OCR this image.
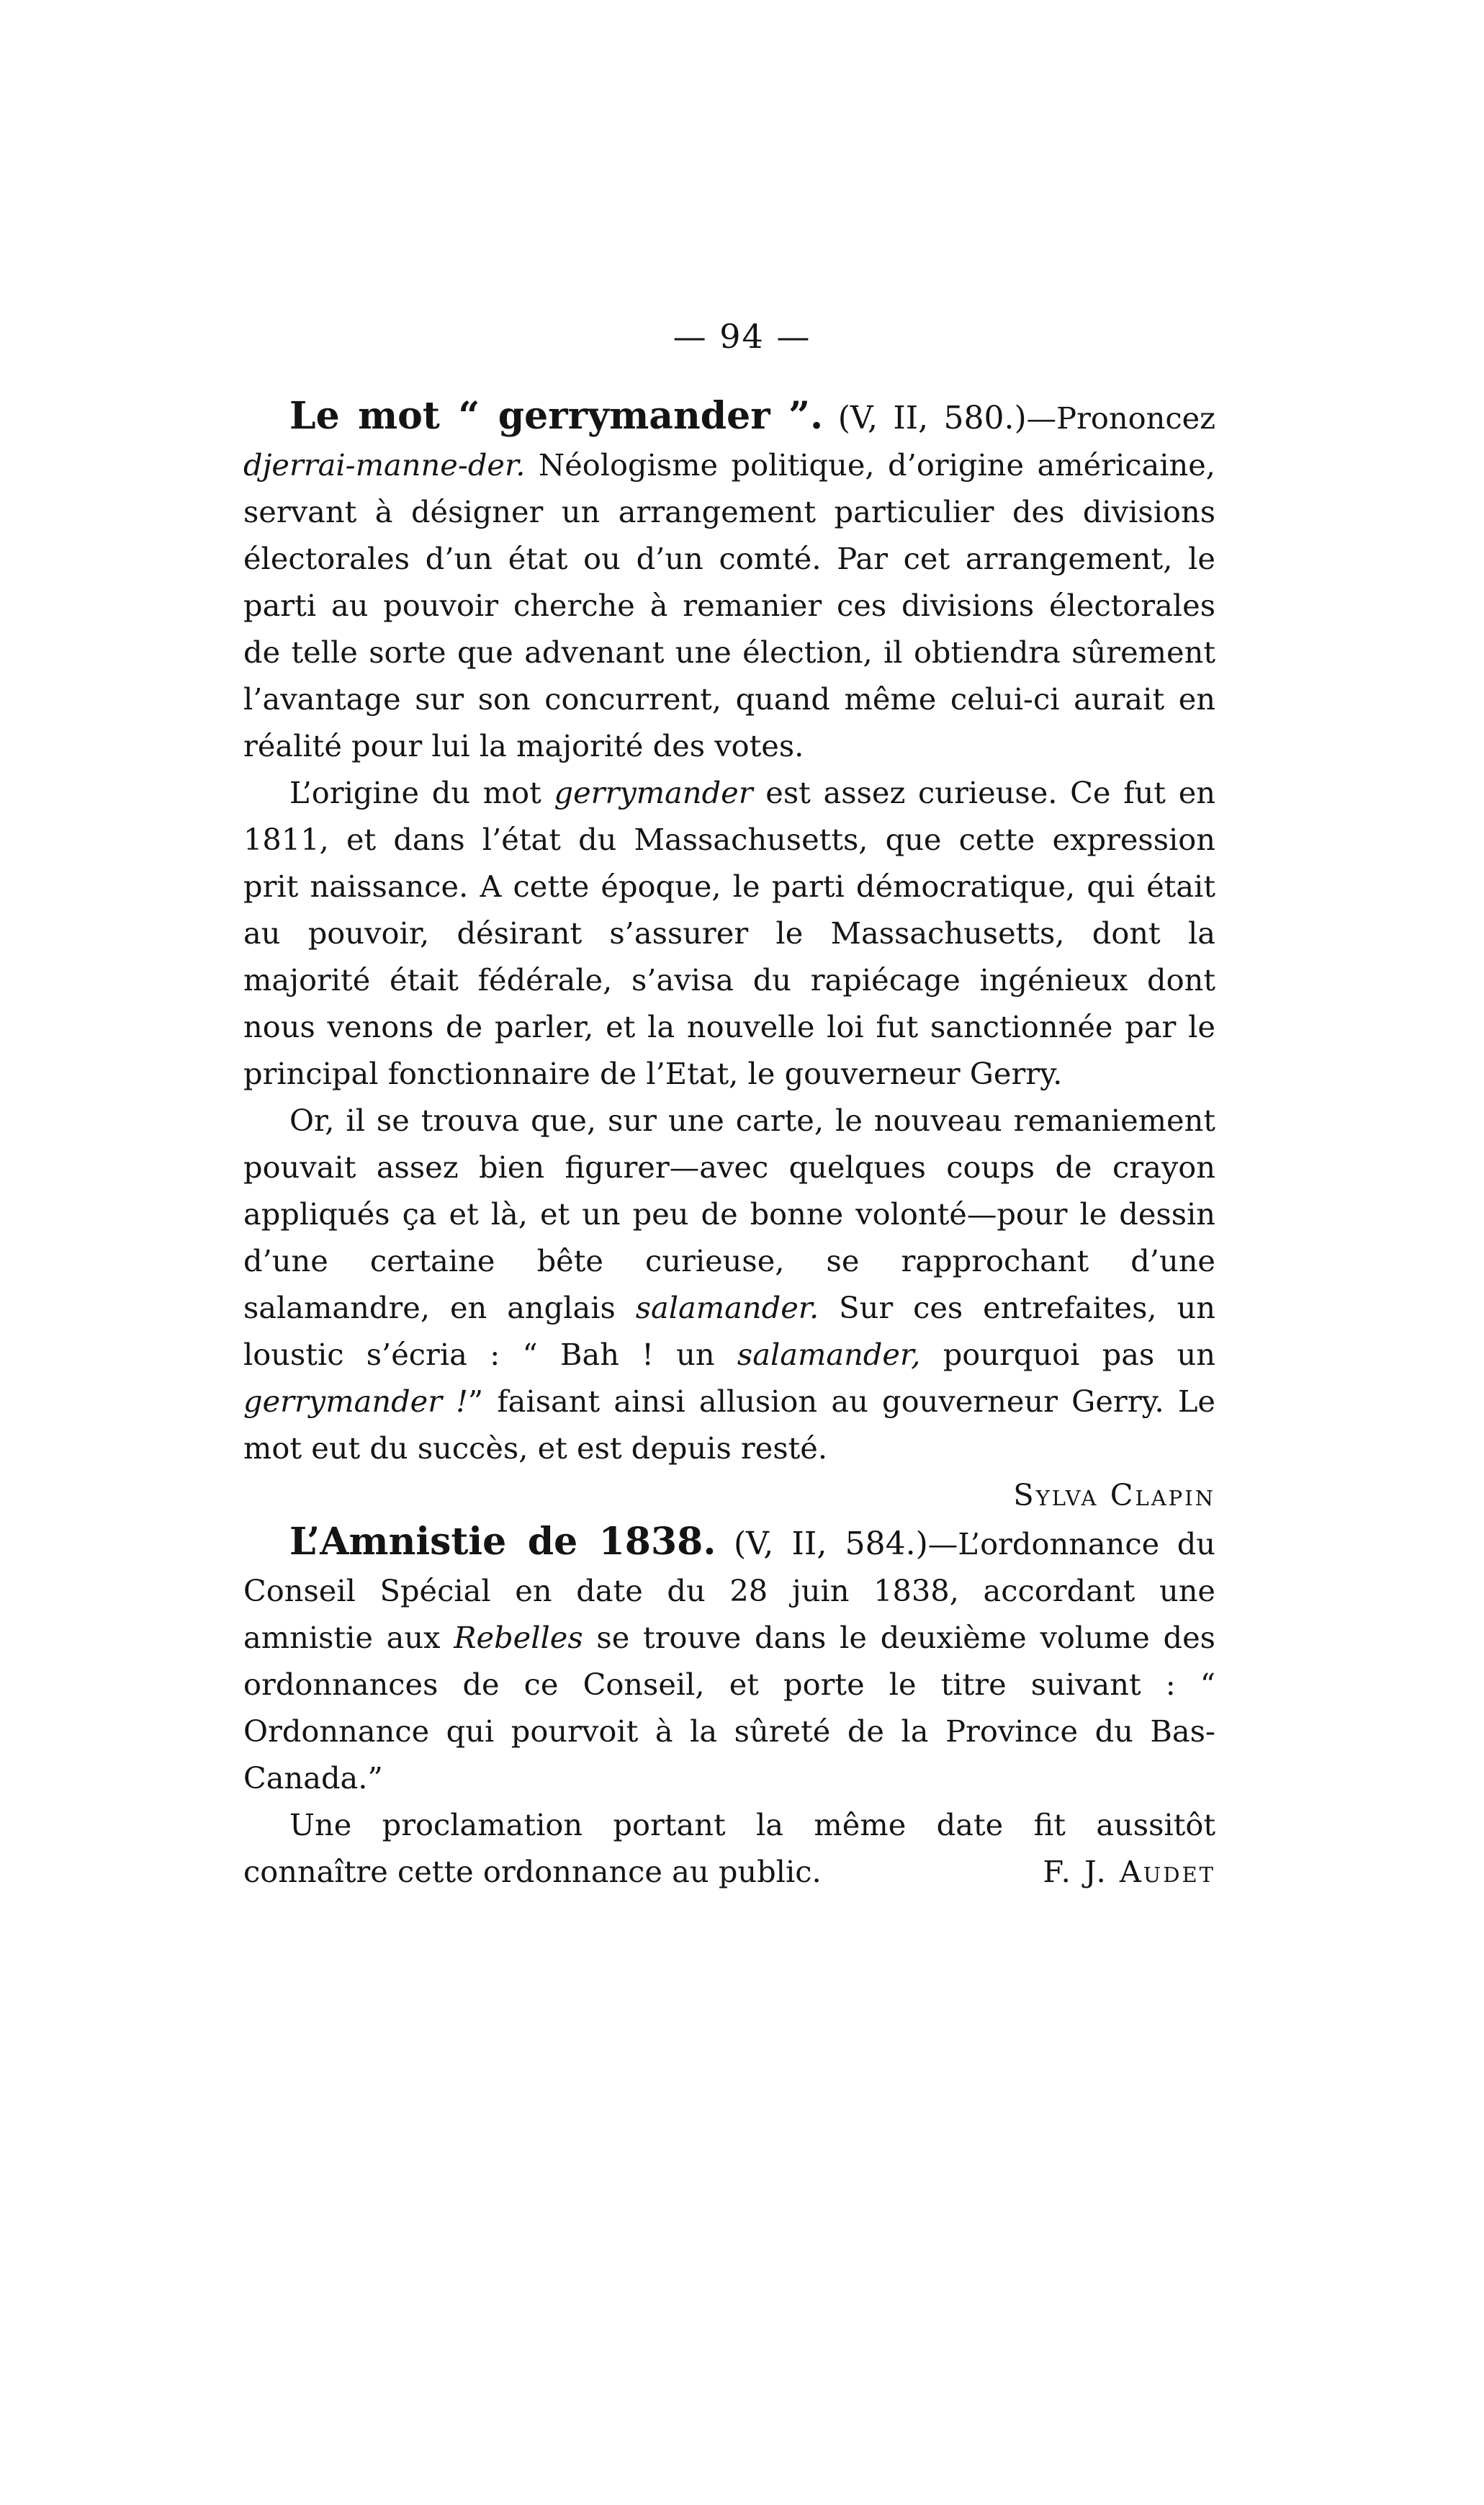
— 94 —

Le mot “ gerrymander ”. (V, II, 580.)—Prononcez djerrai-manne-der. Néologisme politique, d’origine américaine, servant à désigner un arrangement particulier des divisions électorales d’un état ou d’un comté. Par cet arrangement, le parti au pouvoir cherche à remanier ces divisions électorales de telle sorte que advenant une élection, il obtiendra sûrement l’avantage sur son concurrent, quand même celui-ci aurait en réalité pour lui la majorité des votes.

L’origine du mot gerrymander est assez curieuse. Ce fut en 1811, et dans l’état du Massachusetts, que cette expression prit naissance. A cette époque, le parti démocratique, qui était au pouvoir, désirant s’assurer le Massachusetts, dont la majorité était fédérale, s’avisa du rapiécage ingénieux dont nous venons de parler, et la nouvelle loi fut sanctionnée par le principal fonctionnaire de l’Etat, le gouverneur Gerry.

Or, il se trouva que, sur une carte, le nouveau remaniement pouvait assez bien figurer—avec quelques coups de crayon appliqués ça et là, et un peu de bonne volonté—pour le dessin d’une certaine bête curieuse, se rapprochant d’une salamandre, en anglais salamander. Sur ces entrefaites, un loustic s’écria : “ Bah ! un salamander, pourquoi pas un gerrymander !” faisant ainsi allusion au gouverneur Gerry. Le mot eut du succès, et est depuis resté.

Sylva Clapin

L’Amnistie de 1838. (V, II, 584.)—L’ordonnance du Conseil Spécial en date du 28 juin 1838, accordant une amnistie aux Rebelles se trouve dans le deuxième volume des ordonnances de ce Conseil, et porte le titre suivant : “ Ordonnance qui pourvoit à la sûreté de la Province du Bas-Canada.”

Une proclamation portant la même date fit aussitôt connaître cette ordonnance au public.	F. J. Audet
